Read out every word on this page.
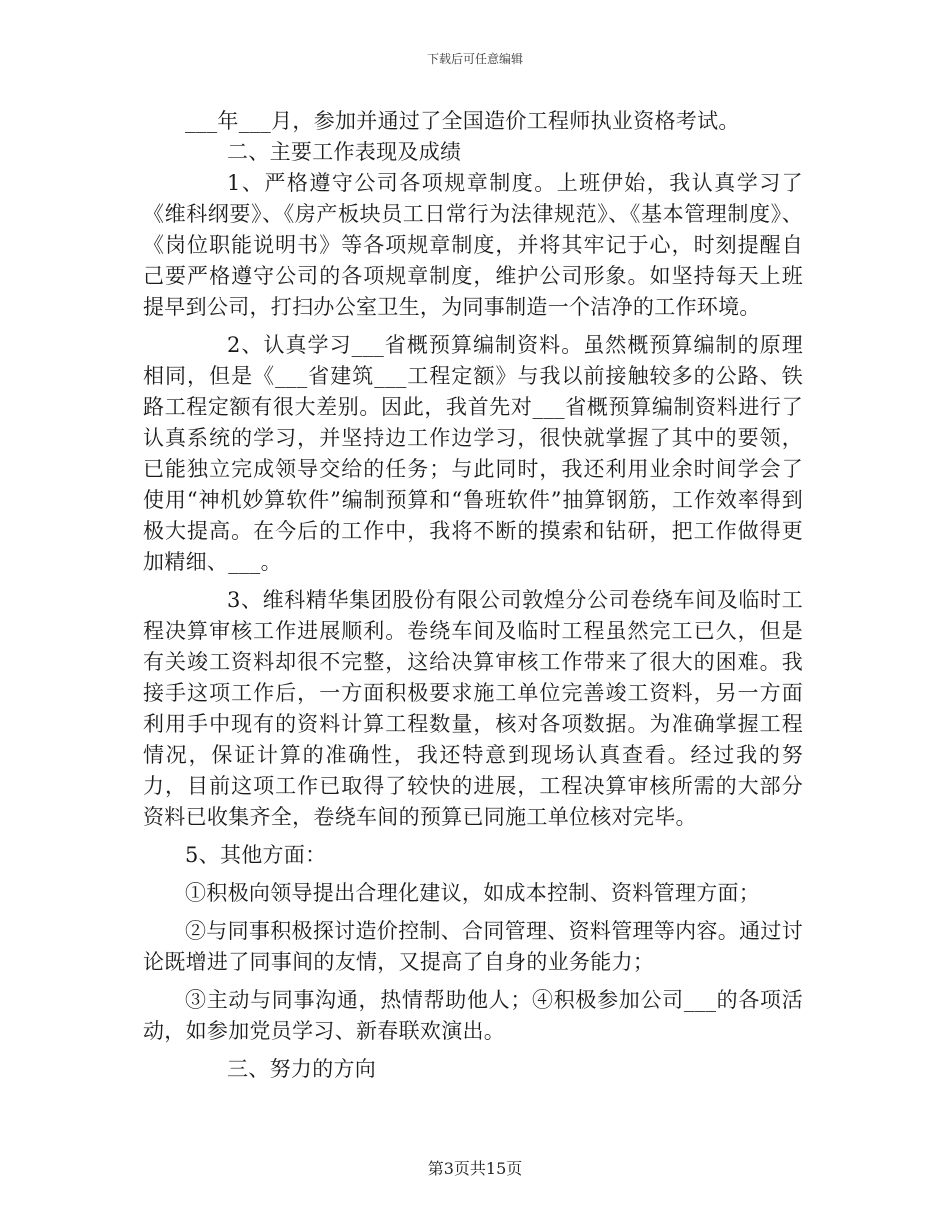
下载后可任意编辑

___年___月，参加并通过了全国造价工程师执业资格考试。

二、主要工作表现及成绩

1、严格遵守公司各项规章制度。上班伊始，我认真学习了《维科纲要》、《房产板块员工日常行为法律规范》、《基本管理制度》、《岗位职能说明书》等各项规章制度，并将其牢记于心，时刻提醒自己要严格遵守公司的各项规章制度，维护公司形象。如坚持每天上班提早到公司，打扫办公室卫生，为同事制造一个洁净的工作环境。

2、认真学习___省概预算编制资料。虽然概预算编制的原理相同，但是《___省建筑___工程定额》与我以前接触较多的公路、铁路工程定额有很大差别。因此，我首先对___省概预算编制资料进行了认真系统的学习，并坚持边工作边学习，很快就掌握了其中的要领，已能独立完成领导交给的任务；与此同时，我还利用业余时间学会了使用“神机妙算软件”编制预算和“鲁班软件”抽算钢筋，工作效率得到极大提高。在今后的工作中，我将不断的摸索和钻研，把工作做得更加精细、___。

3、维科精华集团股份有限公司敦煌分公司卷绕车间及临时工程决算审核工作进展顺利。卷绕车间及临时工程虽然完工已久，但是有关竣工资料却很不完整，这给决算审核工作带来了很大的困难。我接手这项工作后，一方面积极要求施工单位完善竣工资料，另一方面利用手中现有的资料计算工程数量，核对各项数据。为准确掌握工程情况，保证计算的准确性，我还特意到现场认真查看。经过我的努力，目前这项工作已取得了较快的进展，工程决算审核所需的大部分资料已收集齐全，卷绕车间的预算已同施工单位核对完毕。

5、其他方面：

①积极向领导提出合理化建议，如成本控制、资料管理方面；

②与同事积极探讨造价控制、合同管理、资料管理等内容。通过讨论既增进了同事间的友情，又提高了自身的业务能力；

③主动与同事沟通，热情帮助他人；④积极参加公司___的各项活动，如参加党员学习、新春联欢演出。

三、努力的方向

第3页共15页
